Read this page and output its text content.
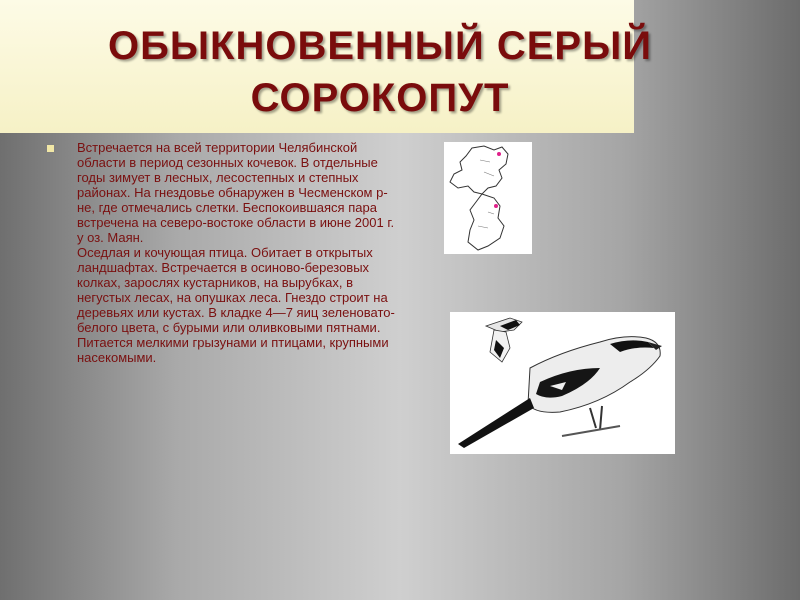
ОБЫКНОВЕННЫЙ СЕРЫЙ
СОРОКОПУТ
Встречается на всей территории Челябинской области в период сезонных кочевок. В отдельные годы зимует в лесных, лесостепных и степных районах. На гнездовье обнаружен в Чесменском р-не, где отмечались слетки. Беспокоившаяся пара встречена на северо-востоке области в июне 2001 г. у оз. Маян.
Оседлая и кочующая птица. Обитает в открытых ландшафтах. Встречается в осиново-березовых колках, зарослях кустарников, на вырубках, в негустых лесах, на опушках леса. Гнездо строит на деревьях или кустах. В кладке 4—7 яиц зеленовато-белого цвета, с бурыми или оливковыми пятнами. Питается мелкими грызунами и птицами, крупными насекомыми.
